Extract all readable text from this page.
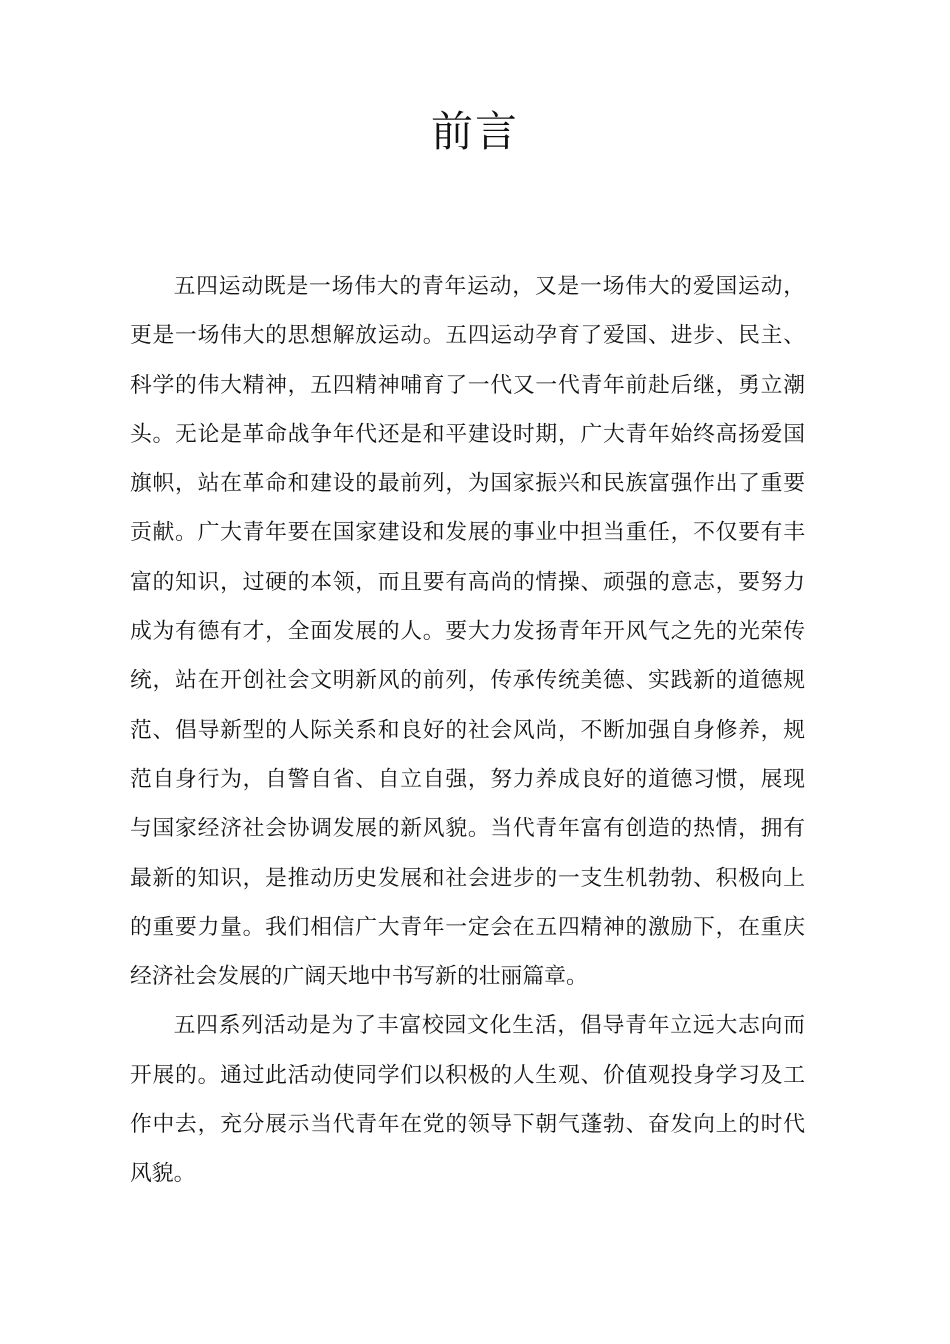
前言

五四运动既是一场伟大的青年运动，又是一场伟大的爱国运动，更是一场伟大的思想解放运动。五四运动孕育了爱国、进步、民主、科学的伟大精神，五四精神哺育了一代又一代青年前赴后继，勇立潮头。无论是革命战争年代还是和平建设时期，广大青年始终高扬爱国旗帜，站在革命和建设的最前列，为国家振兴和民族富强作出了重要贡献。广大青年要在国家建设和发展的事业中担当重任，不仅要有丰富的知识，过硬的本领，而且要有高尚的情操、顽强的意志，要努力成为有德有才，全面发展的人。要大力发扬青年开风气之先的光荣传统，站在开创社会文明新风的前列，传承传统美德、实践新的道德规范、倡导新型的人际关系和良好的社会风尚，不断加强自身修养，规范自身行为，自警自省、自立自强，努力养成良好的道德习惯，展现与国家经济社会协调发展的新风貌。当代青年富有创造的热情，拥有最新的知识，是推动历史发展和社会进步的一支生机勃勃、积极向上的重要力量。我们相信广大青年一定会在五四精神的激励下，在重庆经济社会发展的广阔天地中书写新的壮丽篇章。

五四系列活动是为了丰富校园文化生活，倡导青年立远大志向而开展的。通过此活动使同学们以积极的人生观、价值观投身学习及工作中去，充分展示当代青年在党的领导下朝气蓬勃、奋发向上的时代风貌。
